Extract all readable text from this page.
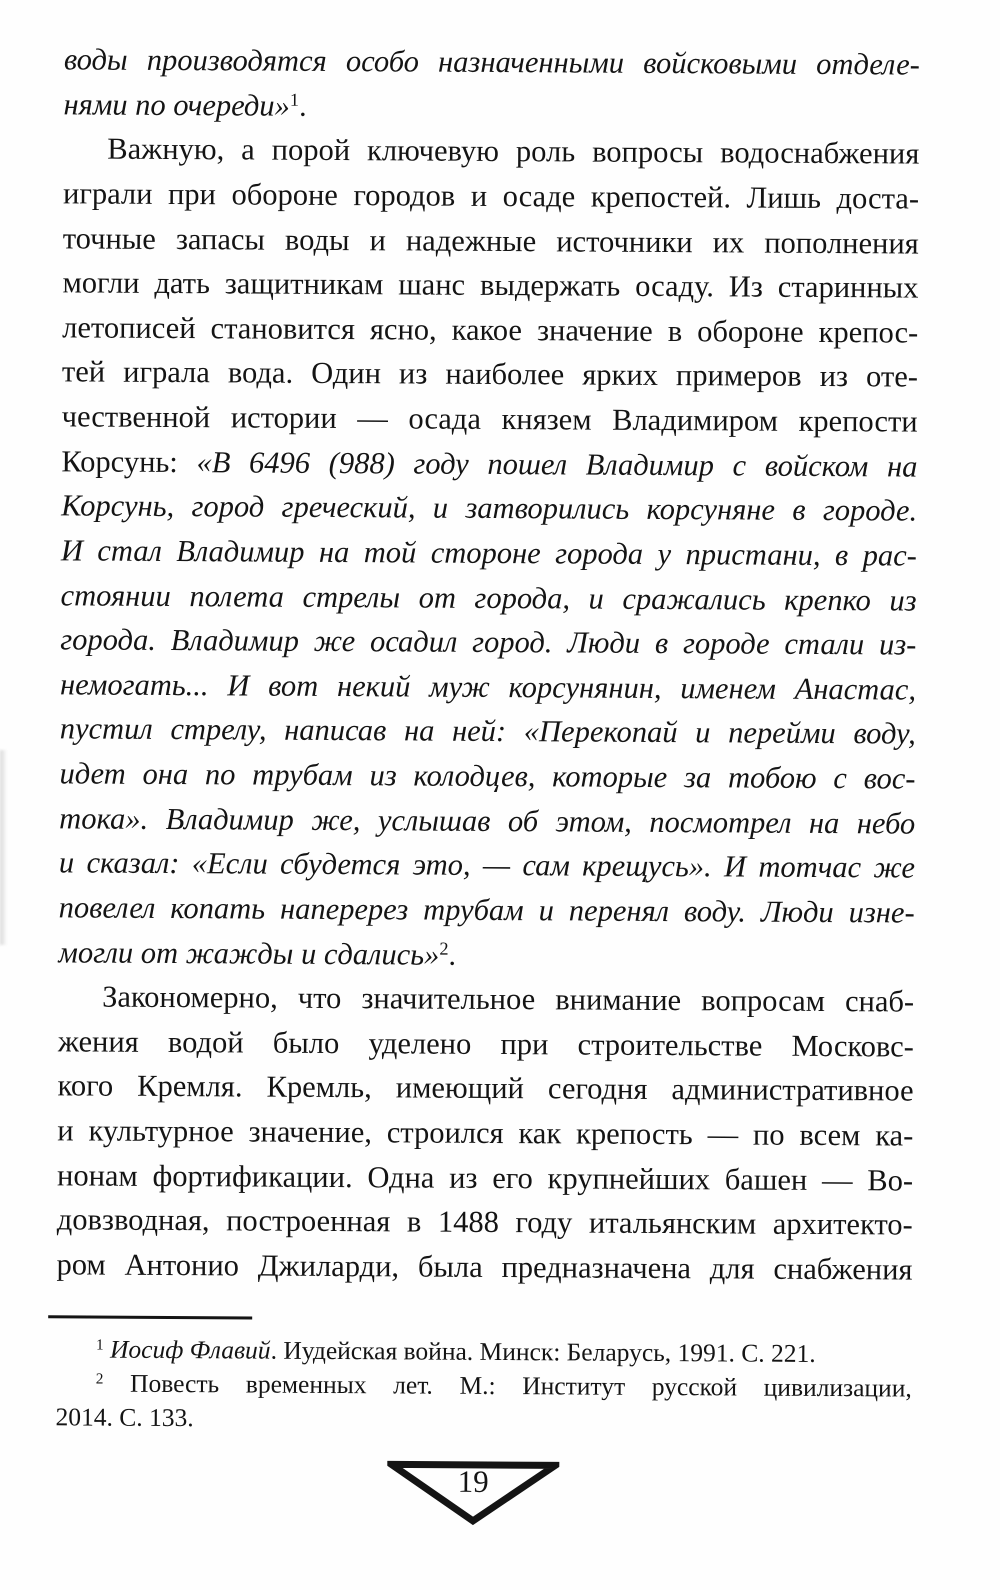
воды производятся особо назначенными войсковыми отделе-
нями по очереди»$^1$.
Важную, а порой ключевую роль вопросы водоснабжения
играли при обороне городов и осаде крепостей. Лишь доста-
точные запасы воды и надежные источники их пополнения
могли дать защитникам шанс выдержать осаду. Из старинных
летописей становится ясно, какое значение в обороне крепос-
тей играла вода. Один из наиболее ярких примеров из оте-
чественной истории — осада князем Владимиром крепости
Корсунь: «В 6496 (988) году пошел Владимир с войском на
Корсунь, город греческий, и затворились корсуняне в городе.
И стал Владимир на той стороне города у пристани, в рас-
стоянии полета стрелы от города, и сражались крепко из
города. Владимир же осадил город. Люди в городе стали из-
немогать... И вот некий муж корсунянин, именем Анастас,
пустил стрелу, написав на ней: «Перекопай и перейми воду,
идет она по трубам из колодцев, которые за тобою с вос-
тока». Владимир же, услышав об этом, посмотрел на небо
и сказал: «Если сбудется это, — сам крещусь». И тотчас же
повелел копать наперерез трубам и перенял воду. Люди изне-
могли от жажды и сдались»$^2$.
Закономерно, что значительное внимание вопросам снаб-
жения водой было уделено при строительстве Московс-
кого Кремля. Кремль, имеющий сегодня административное
и культурное значение, строился как крепость — по всем ка-
нонам фортификации. Одна из его крупнейших башен — Во-
довзводная, построенная в 1488 году итальянским архитекто-
ром Антонио Джиларди, была предназначена для снабжения
$^1$ Иосиф Флавий. Иудейская война. Минск: Беларусь, 1991. С. 221.
$^2$ Повесть временных лет. М.: Институт русской цивилизации,
2014. С. 133.
19
